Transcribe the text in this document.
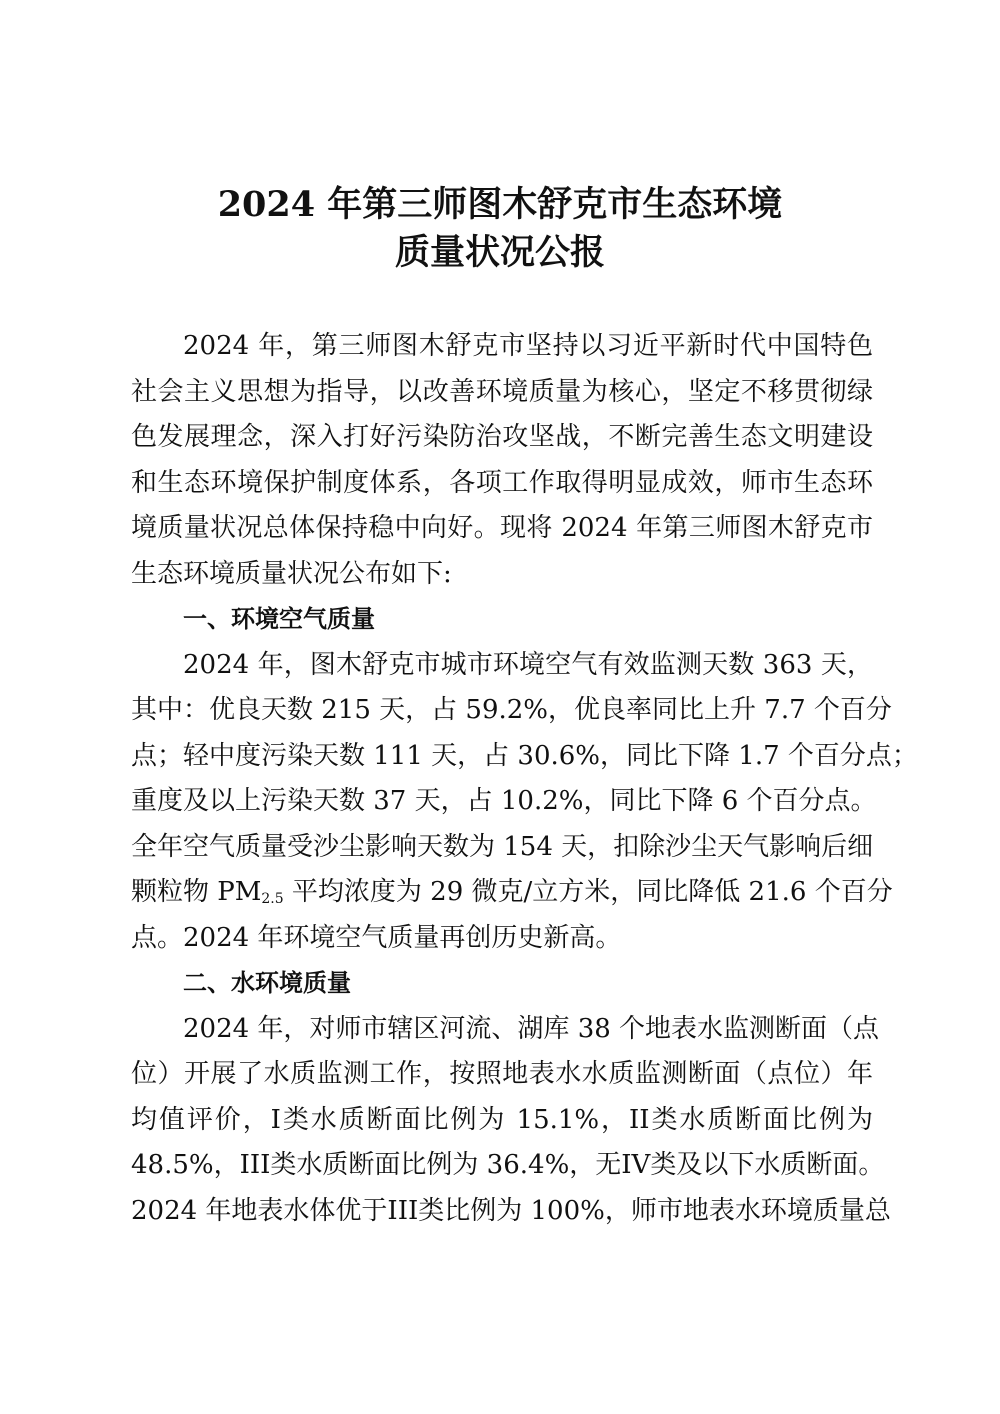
2024 年第三师图木舒克市生态环境
质量状况公报
2024 年，第三师图木舒克市坚持以习近平新时代中国特色
社会主义思想为指导，以改善环境质量为核心，坚定不移贯彻绿
色发展理念，深入打好污染防治攻坚战，不断完善生态文明建设
和生态环境保护制度体系，各项工作取得明显成效，师市生态环
境质量状况总体保持稳中向好。现将 2024 年第三师图木舒克市
生态环境质量状况公布如下:
一、环境空气质量
2024 年，图木舒克市城市环境空气有效监测天数 363 天，
其中：优良天数 215 天，占 59.2%，优良率同比上升 7.7 个百分
点；轻中度污染天数 111 天，占 30.6%，同比下降 1.7 个百分点；
重度及以上污染天数 37 天，占 10.2%，同比下降 6 个百分点。
全年空气质量受沙尘影响天数为 154 天，扣除沙尘天气影响后细
颗粒物 $PM_{2.5}$ 平均浓度为 29 微克/立方米，同比降低 21.6 个百分
点。2024 年环境空气质量再创历史新高。
二、水环境质量
2024 年，对师市辖区河流、湖库 38 个地表水监测断面（点
位）开展了水质监测工作，按照地表水水质监测断面（点位）年
均值评价，I类水质断面比例为 15.1%，II类水质断面比例为
48.5%，III类水质断面比例为 36.4%，无IV类及以下水质断面。
2024 年地表水体优于III类比例为 100%，师市地表水环境质量总
